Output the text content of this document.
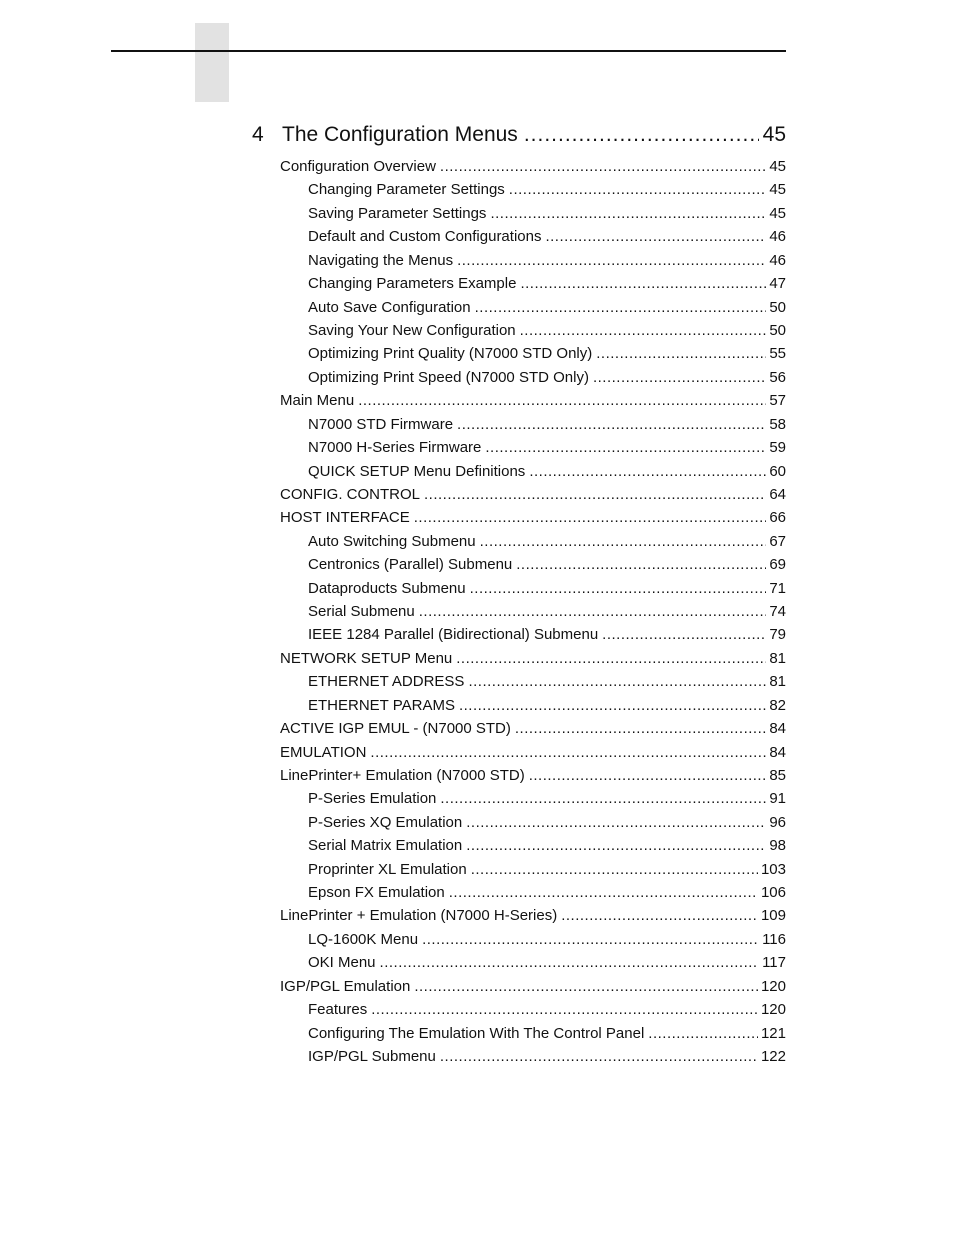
4 The Configuration Menus .....	45
Configuration Overview .....	45
Changing Parameter Settings .....	45
Saving Parameter Settings .....	45
Default and Custom Configurations .....	46
Navigating the Menus .....	46
Changing Parameters Example .....	47
Auto Save Configuration .....	50
Saving Your New Configuration .....	50
Optimizing Print Quality (N7000 STD Only) .....	55
Optimizing Print Speed (N7000 STD Only) .....	56
Main Menu .....	57
N7000 STD Firmware .....	58
N7000 H-Series Firmware .....	59
QUICK SETUP Menu Definitions .....	60
CONFIG. CONTROL .....	64
HOST INTERFACE .....	66
Auto Switching Submenu .....	67
Centronics (Parallel) Submenu .....	69
Dataproducts Submenu .....	71
Serial Submenu .....	74
IEEE 1284 Parallel (Bidirectional) Submenu .....	79
NETWORK SETUP Menu .....	81
ETHERNET ADDRESS .....	81
ETHERNET PARAMS .....	82
ACTIVE IGP EMUL - (N7000 STD) .....	84
EMULATION .....	84
LinePrinter+ Emulation (N7000 STD) .....	85
P-Series Emulation .....	91
P-Series XQ Emulation .....	96
Serial Matrix Emulation .....	98
Proprinter XL Emulation .....	103
Epson FX Emulation .....	106
LinePrinter + Emulation (N7000 H-Series) .....	109
LQ-1600K Menu .....	116
OKI Menu .....	117
IGP/PGL Emulation .....	120
Features .....	120
Configuring The Emulation With The Control Panel .....	121
IGP/PGL Submenu .....	122
